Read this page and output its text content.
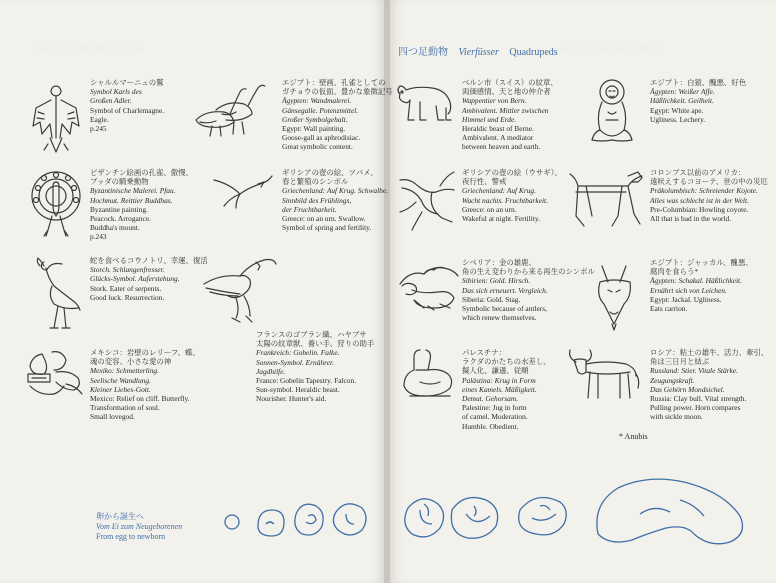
· · · · · · · · · · · · · · · · · · · ·	· · · · · · · · · · · · · · · · · ·
四つ足動物 Vierfüsser Quadrupeds
シャルルマーニュの鷲
Symbol Karls des
Großen Adler.
Symbol of Charlemagne.
Eagle.
p.245
エジプト：壁画、孔雀としての
ガチョウの仮面、豊かな象徴記号
Ägypten: Wandmalerei.
Gänsegalle. Potenzmittel.
Großer Symbolgehalt.
Egypt: Wall painting.
Goose-gall as aphrodisiac.
Great symbolic content.
ビザンチン絵画の孔雀、傲慢、
ブッダの騎乗動物
Byzantinische Malerei. Pfau.
Hochmut. Reittier Buddhas.
Byzantine painting.
Peacock. Arrogance.
Buddha's mount.
p.243
ギリシアの壺の絵、ツバメ、
春と繁殖のシンボル
Griechenland: Auf Krug. Schwalbe.
Sinnbild des Frühlings,
der Fruchtbarkeit.
Greece: on an urn. Swallow.
Symbol of spring and fertility.
蛇を食べるコウノトリ、幸運、復活
Storch. Schlangenfresser.
Glücks-Symbol. Auferstehung.
Stork. Eater of serpents.
Good luck. Resurrection.
フランスのゴブラン織、ハヤブサ
太陽の紋章獣、養い手、狩りの助手
Frankreich: Gobelin. Falke.
Sonnen-Symbol. Ernährer.
Jagdhilfe.
France: Gobelin Tapestry. Falcon.
Sun-symbol. Heraldic beast.
Nourisher. Hunter's aid.
メキシコ：岩壁のレリーフ、蝶、
魂の変容、小さな愛の神
Mexiko: Schmetterling.
Seelische Wandlung.
Kleiner Liebes-Gott.
Mexico: Relief on cliff. Butterfly.
Transformation of soul.
Small lovegod.
ベルン市（スイス）の紋章、
両価感情、天と地の仲介者
Wappentier von Bern.
Ambivalent. Mittler zwischen
Himmel und Erde.
Heraldic beast of Berne.
Ambivalent. A mediator
between heaven and earth.
エジプト：白猿、醜悪、好色
Ägypten: Weißer Affe.
Häßlichkeit. Geilheit.
Egypt: White ape.
Ugliness. Lechery.
ギリシアの壺の絵（ウサギ）、
夜行性、警戒
Griechenland: Auf Krug.
Wacht nachts. Fruchtbarkeit.
Greece: on an urn.
Wakeful at night. Fertility.
コロンブス以前のアメリカ：
遠吠えするコヨーテ、世の中の災厄
Präkolumbisch: Schreiender Kojote.
Alles was schlecht ist in der Welt.
Pre-Columbian: Howling coyote.
All that is bad in the world.
シベリア：金の雄鹿、
角の生え変わりから来る再生のシンボル
Sibirien: Gold. Hirsch.
Das sich erneuert. Vergleich.
Siberia: Gold. Stag.
Symbolic because of antlers,
which renew themselves.
エジプト：ジャッカル、醜悪、
腐肉を食らう*
Ägypten: Schakal. Häßlichkeit.
Ernährt sich von Leichen.
Egypt: Jackal. Ugliness.
Eats carrion.
パレスチナ：
ラクダのかたちの水差し、
擬人化、謙遜、従順
Palästina: Krug in Form
eines Kamels. Mäßigkeit.
Demut. Gehorsam.
Palestine: Jug in form
of camel. Moderation.
Humble. Obedient.
ロシア：粘土の雄牛、活力、牽引、
角は三日月と結ぶ
Russland: Stier. Vitale Stärke.
Zeugungskraft.
Das Gehörn Mondsichel.
Russia: Clay bull. Vital strength.
Pulling power. Horn compares
with sickle moon.
* Anubis
卵から誕生へ
Vom Ei zum Neugeborenen
From egg to newborn
